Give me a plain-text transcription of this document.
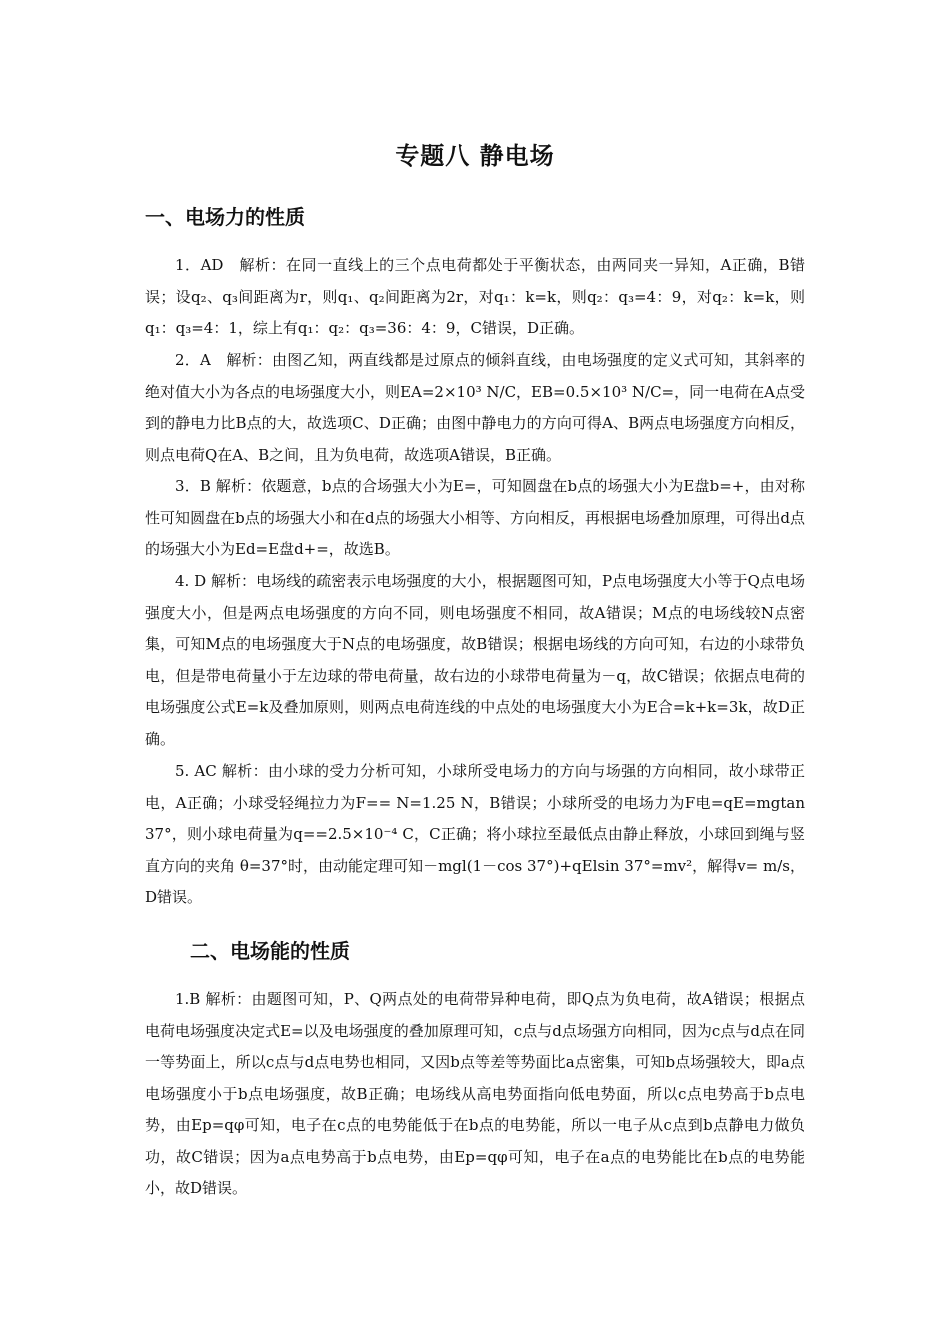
专题八 静电场
一、电场力的性质
1．AD　解析：在同一直线上的三个点电荷都处于平衡状态，由两同夹一异知，A正确，B错误；设q₂、q₃间距离为r，则q₁、q₂间距离为2r，对q₁：k=k，则q₂：q₃=4：9，对q₂：k=k，则q₁：q₃=4：1，综上有q₁：q₂：q₃=36：4：9，C错误，D正确。
2．A　解析：由图乙知，两直线都是过原点的倾斜直线，由电场强度的定义式可知，其斜率的绝对值大小为各点的电场强度大小，则EA=2×10³ N/C，EB=0.5×10³ N/C=，同一电荷在A点受到的静电力比B点的大，故选项C、D正确；由图中静电力的方向可得A、B两点电场强度方向相反，则点电荷Q在A、B之间，且为负电荷，故选项A错误，B正确。
3．B 解析：依题意，b点的合场强大小为E=，可知圆盘在b点的场强大小为E盘b=+，由对称性可知圆盘在b点的场强大小和在d点的场强大小相等、方向相反，再根据电场叠加原理，可得出d点的场强大小为Ed=E盘d+=，故选B。
4. D 解析：电场线的疏密表示电场强度的大小，根据题图可知，P点电场强度大小等于Q点电场强度大小，但是两点电场强度的方向不同，则电场强度不相同，故A错误；M点的电场线较N点密集，可知M点的电场强度大于N点的电场强度，故B错误；根据电场线的方向可知，右边的小球带负电，但是带电荷量小于左边球的带电荷量，故右边的小球带电荷量为－q，故C错误；依据点电荷的电场强度公式E=k及叠加原则，则两点电荷连线的中点处的电场强度大小为E合=k+k=3k，故D正确。
5. AC 解析：由小球的受力分析可知，小球所受电场力的方向与场强的方向相同，故小球带正电，A正确；小球受轻绳拉力为F== N=1.25 N，B错误；小球所受的电场力为F电=qE=mgtan 37°，则小球电荷量为q==2.5×10⁻⁴ C，C正确；将小球拉至最低点由静止释放，小球回到绳与竖直方向的夹角 θ=37°时，由动能定理可知－mgl(1－cos 37°)+qElsin 37°=mv²，解得v= m/s，D错误。
二、电场能的性质
1.B 解析：由题图可知，P、Q两点处的电荷带异种电荷，即Q点为负电荷，故A错误；根据点电荷电场强度决定式E=以及电场强度的叠加原理可知，c点与d点场强方向相同，因为c点与d点在同一等势面上，所以c点与d点电势也相同，又因b点等差等势面比a点密集，可知b点场强较大，即a点电场强度小于b点电场强度，故B正确；电场线从高电势面指向低电势面，所以c点电势高于b点电势，由Ep=qφ可知，电子在c点的电势能低于在b点的电势能，所以一电子从c点到b点静电力做负功，故C错误；因为a点电势高于b点电势，由Ep=qφ可知，电子在a点的电势能比在b点的电势能小，故D错误。
